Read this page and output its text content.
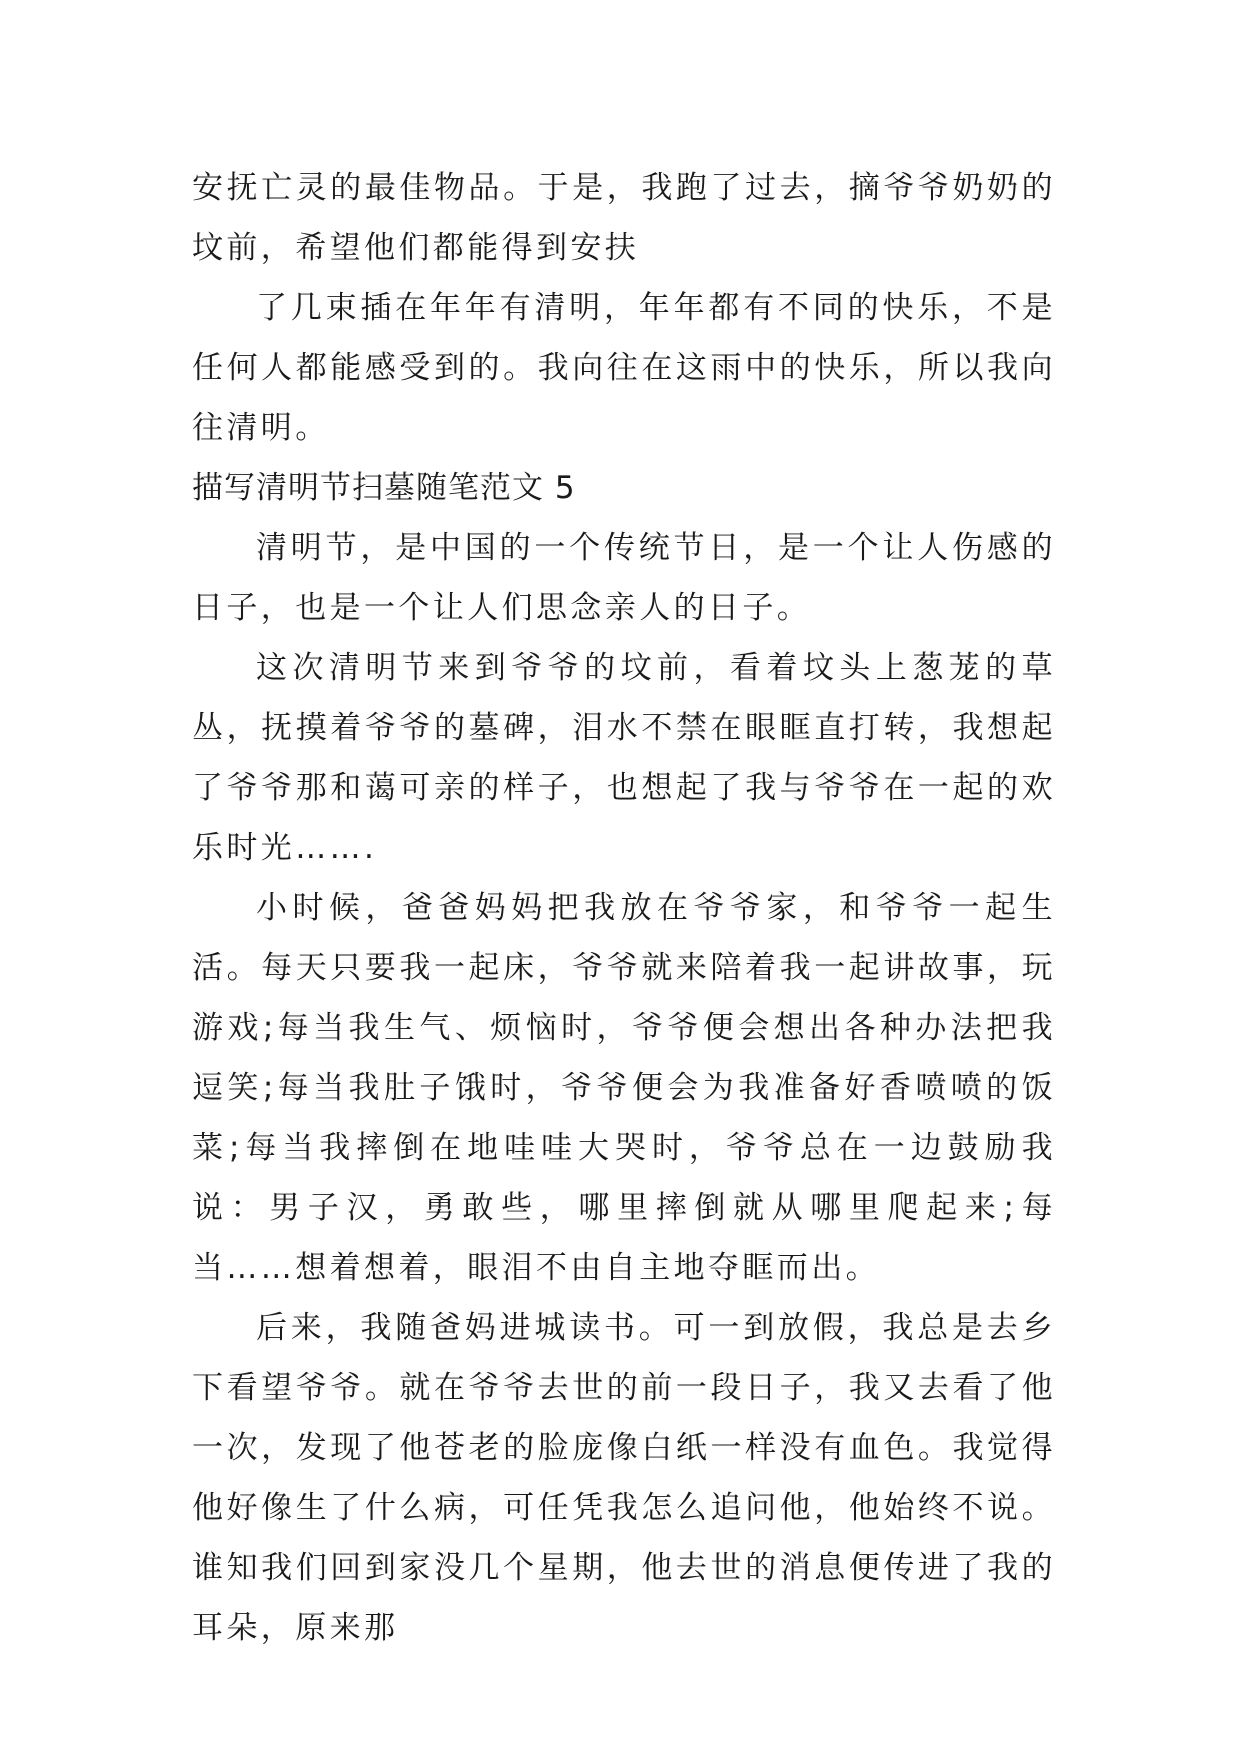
安抚亡灵的最佳物品。于是，我跑了过去，摘爷爷奶奶的坟前，希望他们都能得到安扶

了几束插在年年有清明，年年都有不同的快乐，不是任何人都能感受到的。我向往在这雨中的快乐，所以我向往清明。

描写清明节扫墓随笔范文 5

清明节，是中国的一个传统节日，是一个让人伤感的日子，也是一个让人们思念亲人的日子。

这次清明节来到爷爷的坟前，看着坟头上葱茏的草丛，抚摸着爷爷的墓碑，泪水不禁在眼眶直打转，我想起了爷爷那和蔼可亲的样子，也想起了我与爷爷在一起的欢乐时光…….　

小时候，爸爸妈妈把我放在爷爷家，和爷爷一起生活。每天只要我一起床，爷爷就来陪着我一起讲故事，玩游戏;每当我生气、烦恼时，爷爷便会想出各种办法把我逗笑;每当我肚子饿时，爷爷便会为我准备好香喷喷的饭菜;每当我摔倒在地哇哇大哭时，爷爷总在一边鼓励我说：男子汉，勇敢些，哪里摔倒就从哪里爬起来;每当……想着想着，眼泪不由自主地夺眶而出。

后来，我随爸妈进城读书。可一到放假，我总是去乡下看望爷爷。就在爷爷去世的前一段日子，我又去看了他一次，发现了他苍老的脸庞像白纸一样没有血色。我觉得他好像生了什么病，可任凭我怎么追问他，他始终不说。谁知我们回到家没几个星期，他去世的消息便传进了我的耳朵，原来那
